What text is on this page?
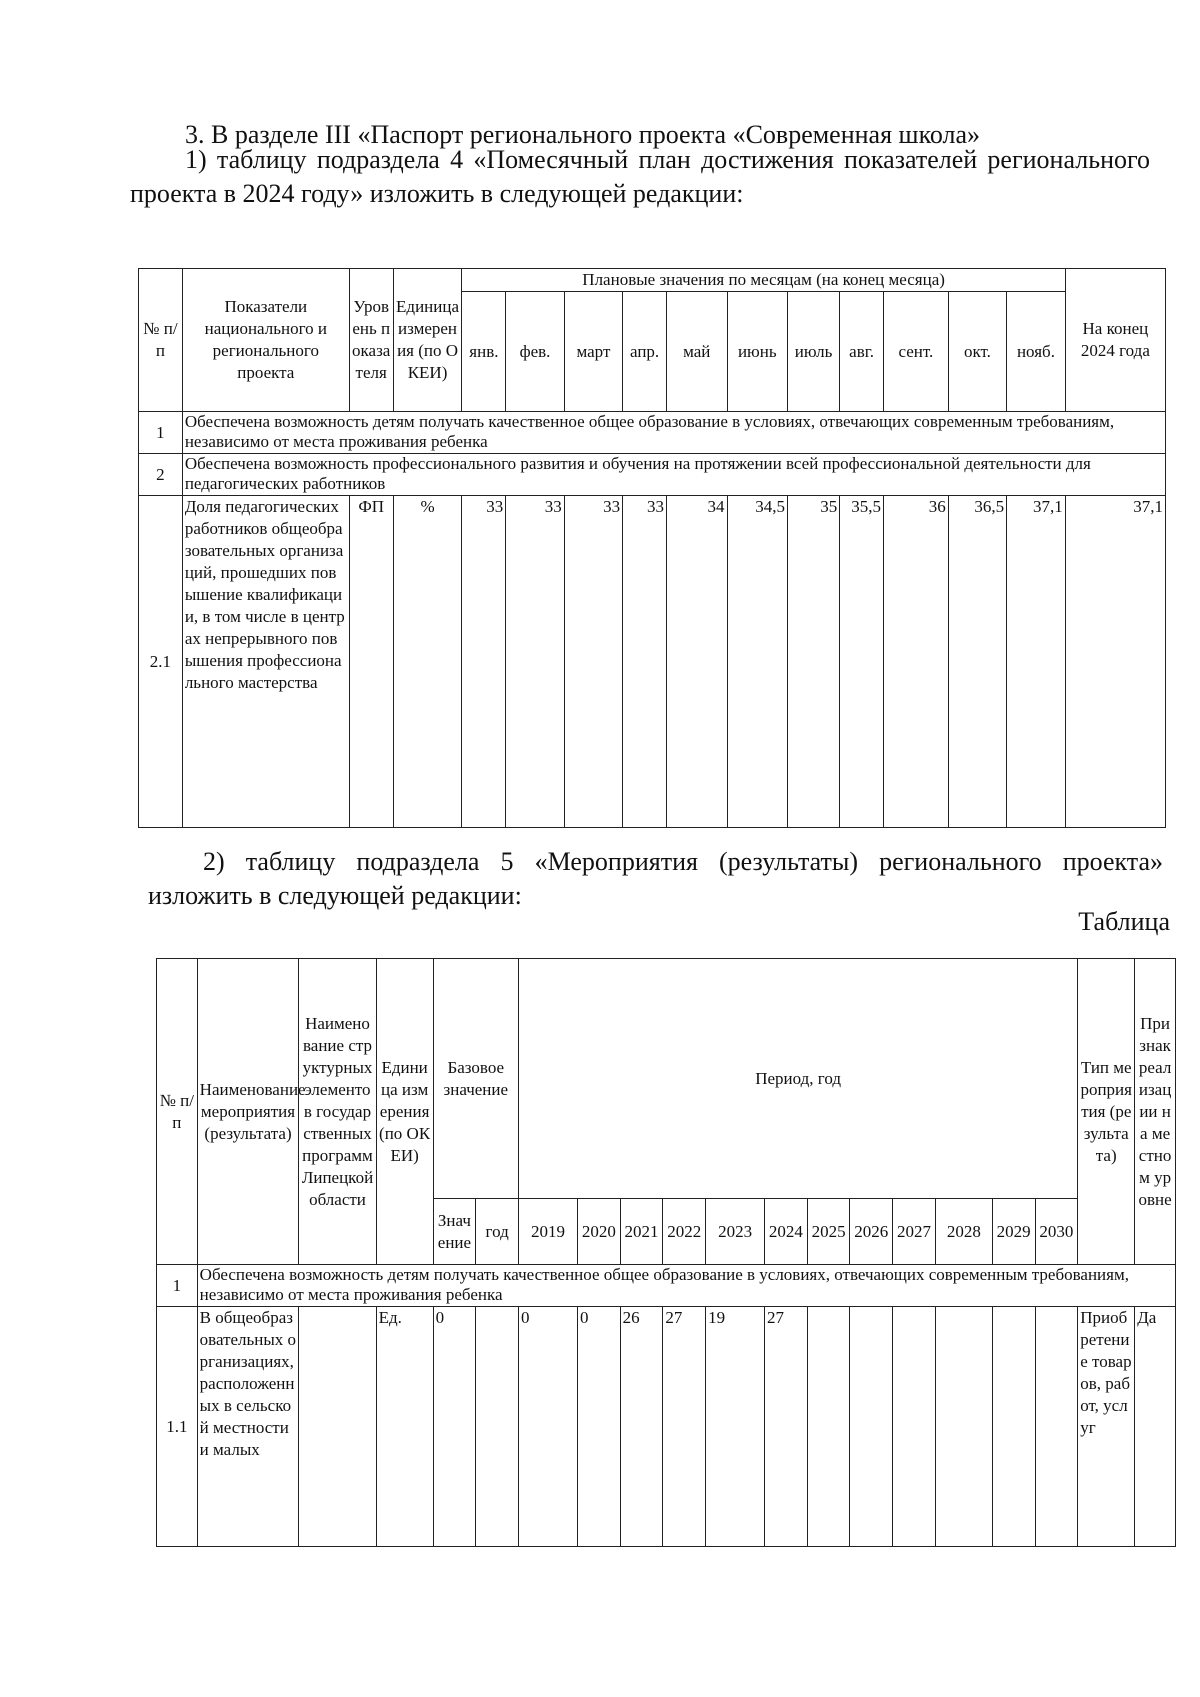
3. В разделе III «Паспорт регионального проекта «Современная школа»

1) таблицу подраздела 4 «Помесячный план достижения показателей регионального проекта в 2024 году» изложить в следующей редакции:

№ п/п	Показатели национального и регионального проекта	Уровень показателя	Единица измерения (по ОКЕИ)	Плановые значения по месяцам (на конец месяца)											На конец 2024 года
				янв.	фев.	март	апр.	май	июнь	июль	авг.	сент.	окт.	нояб.	
1	Обеспечена возможность детям получать качественное общее образование в условиях, отвечающих современным требованиям, независимо от места проживания ребенка														
2	Обеспечена возможность профессионального развития и обучения на протяжении всей профессиональной деятельности для педагогических работников														
2.1	Доля педагогических работников общеобразовательных организаций, прошедших повышение квалификации, в том числе в центрах непрерывного повышения профессионального мастерства	ФП	%	33	33	33	33	34	34,5	35	35,5	36	36,5	37,1	37,1

2) таблицу подраздела 5 «Мероприятия (результаты) регионального проекта» изложить в следующей редакции:

Таблица

№ п/п	Наименование мероприятия (результата)	Наименование структурных элементов государственных программ Липецкой области	Единица измерения (по ОКЕИ)	Базовое значение		Период, год												Тип мероприятия (результата)	Признак реализации на местном уровне
				Значение	год	2019	2020	2021	2022	2023	2024	2025	2026	2027	2028	2029	2030		
1	Обеспечена возможность детям получать качественное общее образование в условиях, отвечающих современным требованиям, независимо от места проживания ребенка																		
1.1	В общеобразовательных организациях, расположенных в сельской местности и малых		Ед.	0		0	0	26	27	19	27							Приобретение товаров, работ, услуг	Да
